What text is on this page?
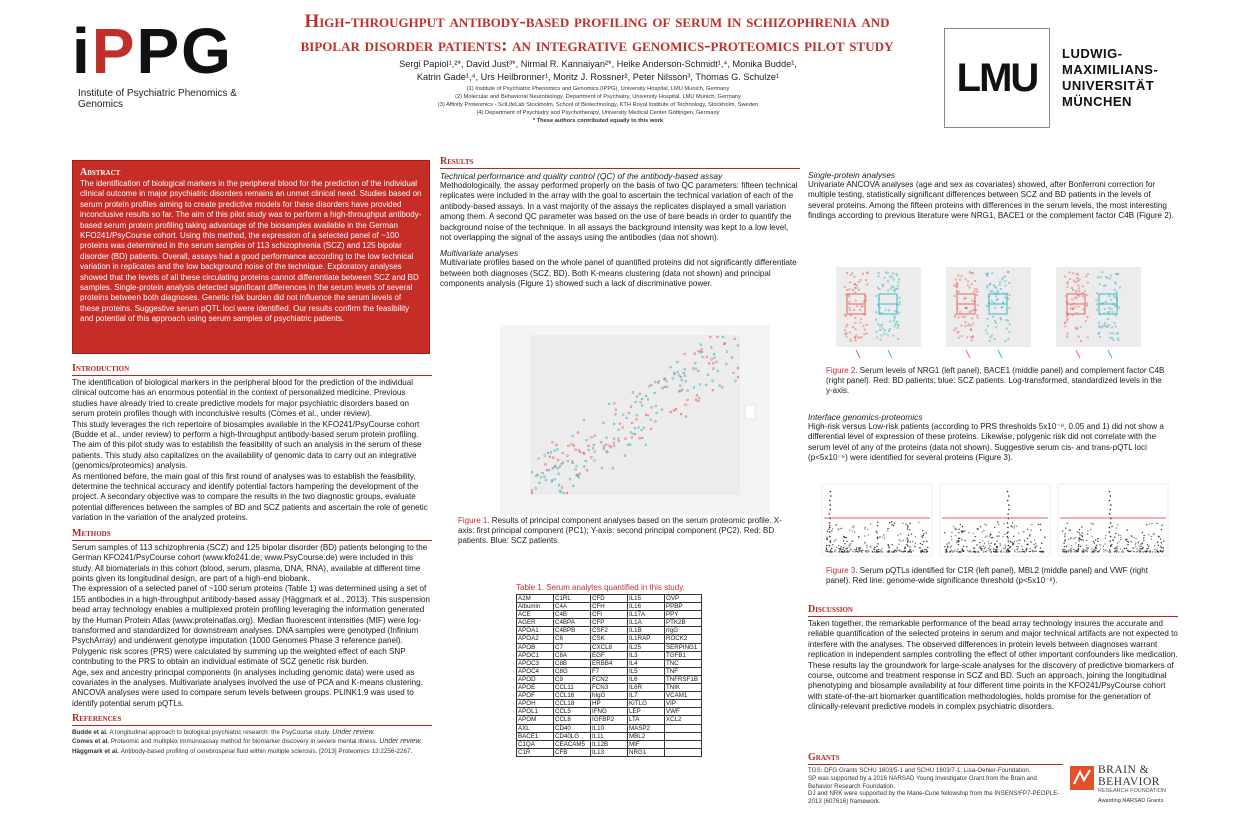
iPPG
Institute of Psychiatric Phenomics & Genomics
High-throughput antibody-based profiling of serum in schizophrenia and
bipolar disorder patients: an integrative genomics-proteomics pilot study
Sergi Papiol¹,²*, David Just³*, Nirmal R. Kannaiyan²*, Heike Anderson-Schmidt¹,⁴, Monika Budde¹,
Katrin Gade¹,⁴, Urs Heilbronner¹, Moritz J. Rossner², Peter Nilsson³, Thomas G. Schulze¹
(1) Institute of Psychiatric Phenomics and Genomics (IPPG), University Hospital, LMU Munich, Germany
(2) Molecular and Behavioral Neurobiology, Department of Psychiatry, University Hospital, LMU Munich, Germany
(3) Affinity Proteomics - SciLifeLab Stockholm, School of Biotechnology, KTH Royal Institute of Technology, Stockholm, Sweden
(4) Department of Psychiatry and Psychotherapy, University Medical Center Göttingen, Germany
* These authors contributed equally to this work
LMU
LUDWIG-
MAXIMILIANS-
UNIVERSITÄT
MÜNCHEN
Abstract
The identification of biological markers in the peripheral blood for the prediction of the individual clinical outcome in major psychiatric disorders remains an unmet clinical need. Studies based on serum protein profiles aiming to create predictive models for these disorders have provided inconclusive results so far. The aim of this pilot study was to perform a high-throughput antibody-based serum protein profiling taking advantage of the biosamples available in the German KFO241/PsyCourse cohort. Using this method, the expression of a selected panel of ~100 proteins was determined in the serum samples of 113 schizophrenia (SCZ) and 125 bipolar disorder (BD) patients. Overall, assays had a good performance according to the low technical variation in replicates and the low background noise of the technique. Exploratory analyses showed that the levels of all these circulating proteins cannot differentiate between SCZ and BD samples. Single-protein analysis detected significant differences in the serum levels of several proteins between both diagnoses. Genetic risk burden did not influence the serum levels of these proteins. Suggestive serum pQTL loci were identified. Our results confirm the feasibility and potential of this approach using serum samples of psychiatric patients.
Introduction

The identification of biological markers in the peripheral blood for the prediction of the individual clinical outcome has an enormous potential in the context of personalized medicine. Previous studies have already tried to create predictive models for major psychiatric disorders based on serum protein profiles though with inconclusive results (Comes et al., under review).

This study leverages the rich repertoire of biosamples available in the KFO241/PsyCourse cohort (Budde et al., under review) to perform a high-throughput antibody-based serum protein profiling. The aim of this pilot study was to establish the feasibility of such an analysis in the serum of these patients. This study also capitalizes on the availability of genomic data to carry out an integrative (genomics/proteomics) analysis.

As mentioned before, the main goal of this first round of analyses was to establish the feasibility, determine the technical accuracy and identify potential factors hampering the development of the project. A secondary objective was to compare the results in the two diagnostic groups, evaluate potential differences between the samples of BD and SCZ patients and ascertain the role of genetic variation in the variation of the analyzed proteins.

Methods

Serum samples of 113 schizophrenia (SCZ) and 125 bipolar disorder (BD) patients belonging to the German KFO241/PsyCourse cohort (www.kfo241.de; www.PsyCourse.de) were included in this study. All biomaterials in this cohort (blood, serum, plasma, DNA, RNA), available at different time points given its longitudinal design, are part of a high-end biobank.

The expression of a selected panel of ~100 serum proteins (Table 1) was determined using a set of 155 antibodies in a high-throughput antibody-based assay (Häggmark et al., 2013). This suspension bead array technology enables a multiplexed protein profiling leveraging the information generated by the Human Protein Atlas (www.proteinatlas.org). Median fluorescent intensities (MIF) were log-transformed and standardized for downstream analyses. DNA samples were genotyped (Infinium PsychArray) and underwent genotype imputation (1000 Genomes Phase 3 reference panel). Polygenic risk scores (PRS) were calculated by summing up the weighted effect of each SNP contributing to the PRS to obtain an individual estimate of SCZ genetic risk burden.

Age, sex and ancestry principal components (in analyses including genomic data) were used as covariates in the analyses. Multivariate analyses involved the use of PCA and K-means clustering. ANCOVA analyses were used to compare serum levels between groups. PLINK1.9 was used to identify potential serum pQTLs.

References
Budde et al. A longitudinal approach to biological psychiatric research: the PsyCourse study. Under review.
Comes et al. Proteomic and multiplex immunoassay method for biomarker discovery in severe mental illness. Under review.
Häggmark et al. Antibody-based profiling of cerebrospinal fluid within multiple sclerosis. [2013] Proteomics 13:2256-2267.
Results
Technical performance and quality control (QC) of the antibody-based assay

Methodologically, the assay performed properly on the basis of two QC parameters: fifteen technical replicates were included in the array with the goal to ascertain the technical variation of each of the antibody-based assays. In a vast majority of the assays the replicates displayed a small variation among them. A second QC parameter was based on the use of bare beads in order to quantify the background noise of the technique. In all assays the background intensity was kept to a low level, not overlapping the signal of the assays using the antibodies (daa not shown).

Multivariate analyses

Multivariate profiles based on the whole panel of quantified proteins did not significantly differentiate between both diagnoses (SCZ, BD). Both K-means clustering (data not shown) and principal components analysis (Figure 1) showed such a lack of discriminative power.

Figure 1. Results of principal component analyses based on the serum proteomic profile. X-axis: first principal component (PC1); Y-axis: second principal component (PC2). Red: BD patients. Blue: SCZ patients.
Table 1. Serum analytes quantified in this study.
A2M	C1RL	CFD	IL15	OVP
Albumin	C4A	CFH	IL16	PPBP
ACE	C4B	CFI	IL17A	PPY
AGER	C4BPA	CFP	IL1A	PTK2B
APOA1	C4BPB	CSF2	IL1B	rIgG
APOA2	C6	CSK	IL1RAP	ROCK2
APOB	C7	CXCL8	IL25	SERPING1
APOC1	C8A	EGF	IL3	TGFB1
APOC3	C8B	ERBB4	IL4	TNC
APOC4	C8G	F7	IL5	TNF
APOD	C9	FCN2	IL6	TNFRSF1B
APOE	CCL11	FCN3	IL6R	TNIK
APOF	CCL16	hIgG	IL7	VCAM1
APOH	CCL18	HP	KITLG	VIP
APOL1	CCL5	IFNG	LEP	VWF
APOM	CCL8	IGFBP2	LTA	XCL2
AXL	CD40	IL10	MASP2	
BACE1	CD40LG	IL11	MBL2	
C1QA	CEACAM5	IL12B	MIF	
C1R	CFB	IL13	NRG1	
Single-protein analyses

Univariate ANCOVA analyses (age and sex as covariates) showed, after Bonferroni correction for multiple testing, statistically significant differences between SCZ and BD patients in the levels of several proteins. Among the fifteen proteins with differences in the serum levels, the most interesting findings according to previous literature were NRG1, BACE1 or the complement factor C4B (Figure 2).

Figure 2. Serum levels of NRG1 (left panel), BACE1 (middle panel) and complement factor C4B (right panel). Red: BD patients; blue: SCZ patients. Log-transformed, standardized levels in the y-axis.
Interface genomics-proteomics

High-risk versus Low-risk patients (according to PRS thresholds 5x10⁻⁸, 0.05 and 1) did not show a differential level of expression of these proteins. Likewise, polygenic risk did not correlate with the serum level of any of the proteins (data not shown). Suggestive serum cis- and trans-pQTL loci (p<5x10⁻⁶) were identified for several proteins (Figure 3).

Figure 3. Serum pQTLs identified for C1R (left panel), MBL2 (middle panel) and VWF (right panel). Red line: genome-wide significance threshold (p<5x10⁻⁸).
Discussion

Taken together, the remarkable performance of the bead array technology insures the accurate and reliable quantification of the selected proteins in serum and major technical artifacts are not expected to interfere with the analyses. The observed differences in protein levels between diagnoses warrant replication in independent samples controlling the effect of other important confounders like medication.

These results lay the groundwork for large-scale analyses for the discovery of predictive biomarkers of course, outcome and treatment response in SCZ and BD. Such an approach, joining the longitudinal phenotyping and biosample availability at four different time points in the KFO241/PsyCourse cohort with state-of-the-art biomarker quantification methodologies, holds promise for the generation of clinically-relevant predictive models in complex psychiatric disorders.

Grants
TGS: DFG Grants SCHU 1603/5-1 and SCHU 1603/7-1; Lisa-Oehler-Foundation.
SP was supported by a 2016 NARSAD Young Investigator Grant from the Brain and Behavior Research Foundation.
DJ and NRK were supported by the Marie-Curie fellowship from the INSENS/FP7-PEOPLE-2013 (607616) framework.
BRAIN &
BEHAVIOR
RESEARCH FOUNDATION
Awarding NARSAD Grants
